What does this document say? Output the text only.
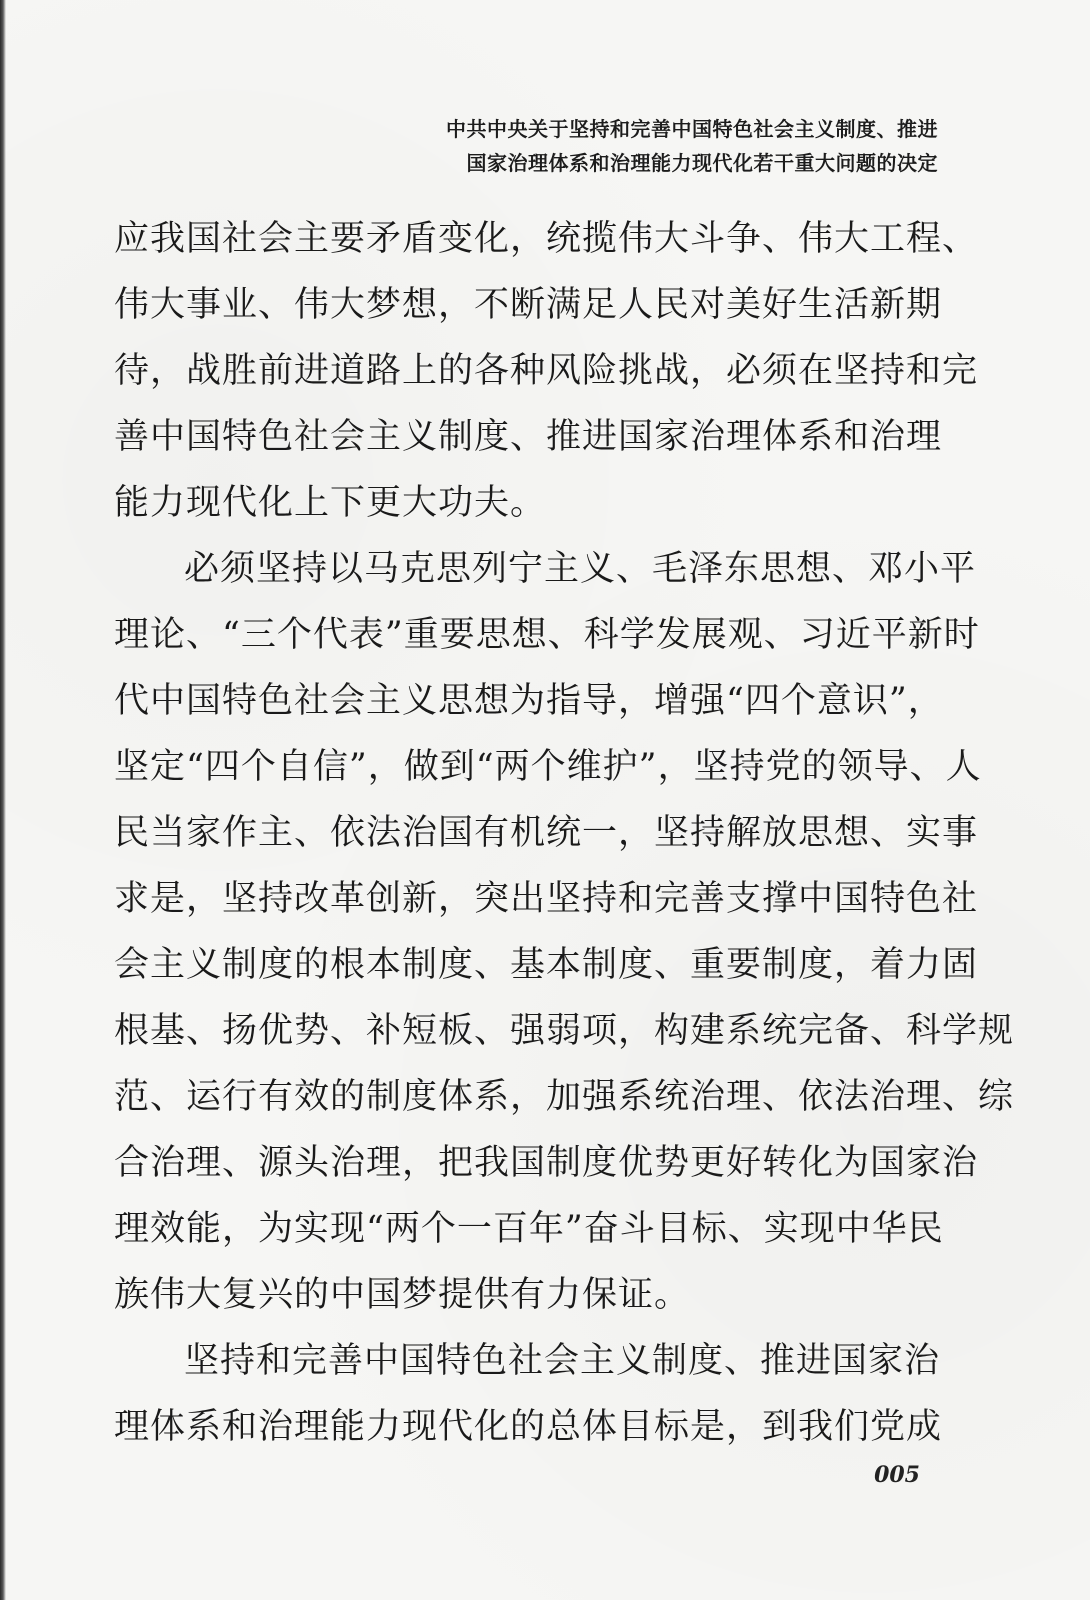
中共中央关于坚持和完善中国特色社会主义制度、推进
国家治理体系和治理能力现代化若干重大问题的决定
应我国社会主要矛盾变化，统揽伟大斗争、伟大工程、
伟大事业、伟大梦想，不断满足人民对美好生活新期
待，战胜前进道路上的各种风险挑战，必须在坚持和完
善中国特色社会主义制度、推进国家治理体系和治理
能力现代化上下更大功夫。
必须坚持以马克思列宁主义、毛泽东思想、邓小平
理论、“三个代表”重要思想、科学发展观、习近平新时
代中国特色社会主义思想为指导，增强“四个意识”，
坚定“四个自信”，做到“两个维护”，坚持党的领导、人
民当家作主、依法治国有机统一，坚持解放思想、实事
求是，坚持改革创新，突出坚持和完善支撑中国特色社
会主义制度的根本制度、基本制度、重要制度，着力固
根基、扬优势、补短板、强弱项，构建系统完备、科学规
范、运行有效的制度体系，加强系统治理、依法治理、综
合治理、源头治理，把我国制度优势更好转化为国家治
理效能，为实现“两个一百年”奋斗目标、实现中华民
族伟大复兴的中国梦提供有力保证。
坚持和完善中国特色社会主义制度、推进国家治
理体系和治理能力现代化的总体目标是，到我们党成
005
